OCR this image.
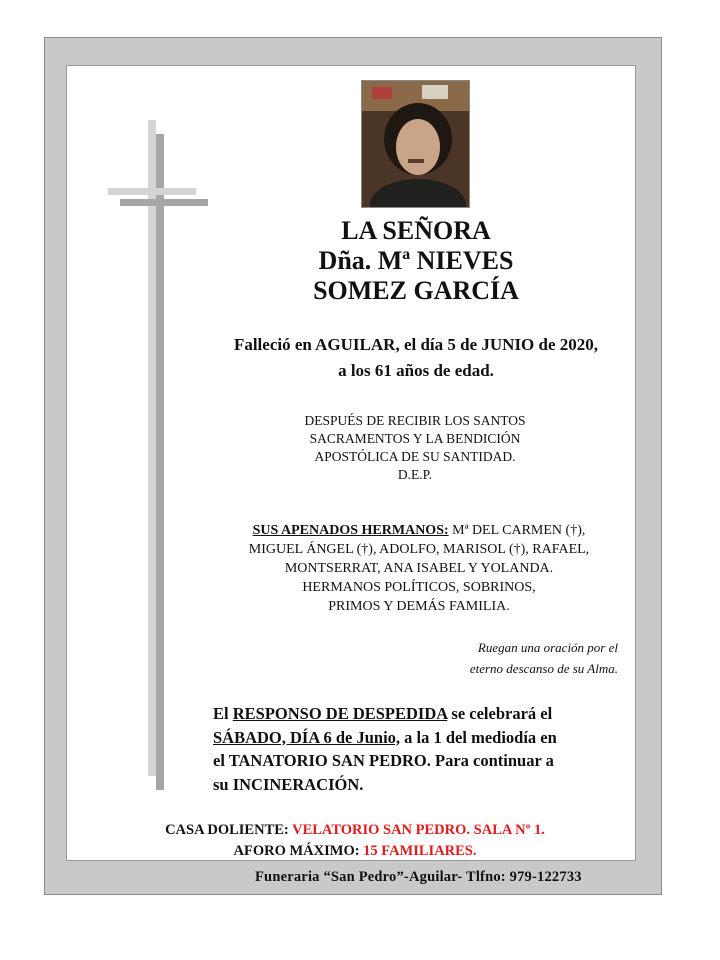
LA SEÑORA
Dña. Mª NIEVES
SOMEZ GARCÍA
Falleció en AGUILAR, el día 5 de JUNIO de 2020,
a los 61 años de edad.
DESPUÉS DE RECIBIR LOS SANTOS
SACRAMENTOS Y LA BENDICIÓN
APOSTÓLICA DE SU SANTIDAD.
D.E.P.
SUS APENADOS HERMANOS: Mª DEL CARMEN (†),
MIGUEL ÁNGEL (†), ADOLFO, MARISOL (†), RAFAEL,
MONTSERRAT, ANA ISABEL Y YOLANDA.
HERMANOS POLÍTICOS, SOBRINOS,
PRIMOS Y DEMÁS FAMILIA.
Ruegan una oración por el
eterno descanso de su Alma.
El RESPONSO DE DESPEDIDA se celebrará el
SÁBADO, DÍA 6 de Junio, a la 1 del mediodía en
el TANATORIO SAN PEDRO. Para continuar a
su INCINERACIÓN.
CASA DOLIENTE: VELATORIO SAN PEDRO. SALA Nº 1.
AFORO MÁXIMO: 15 FAMILIARES.
Funeraria “San Pedro”-Aguilar- Tlfno: 979-122733
